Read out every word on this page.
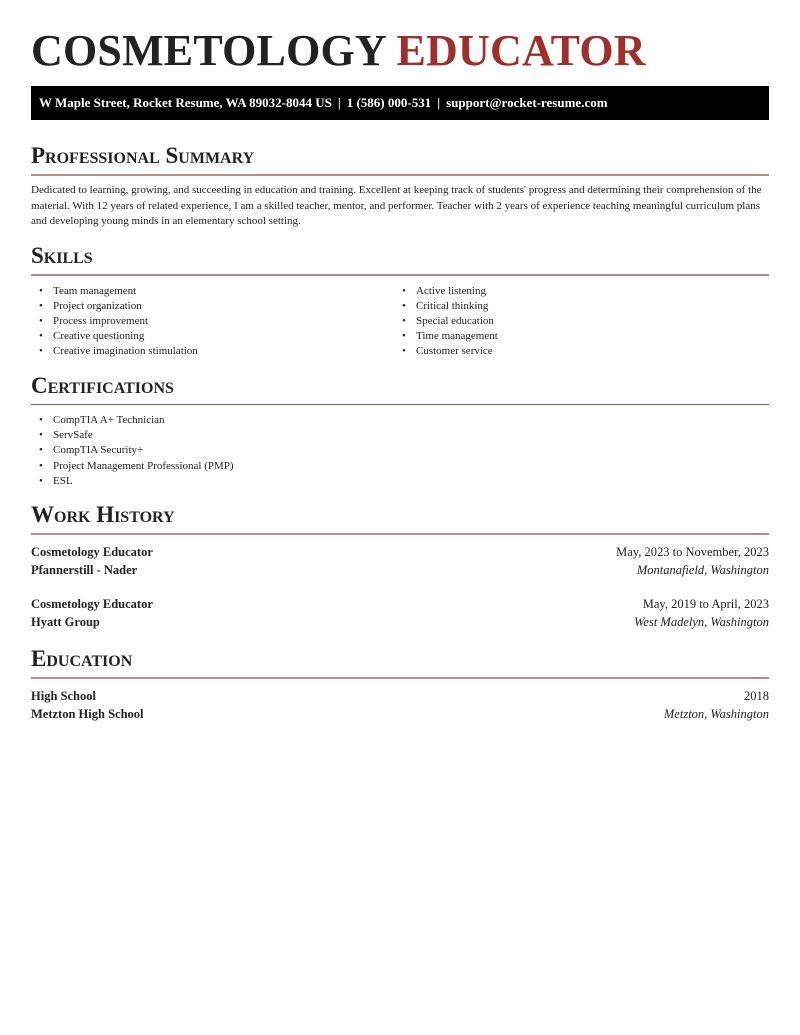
COSMETOLOGY EDUCATOR
W Maple Street, Rocket Resume, WA 89032-8044 US | 1 (586) 000-531 | support@rocket-resume.com
Professional Summary

Dedicated to learning, growing, and succeeding in education and training. Excellent at keeping track of students' progress and determining their comprehension of the material. With 12 years of related experience, I am a skilled teacher, mentor, and performer. Teacher with 2 years of experience teaching meaningful curriculum plans and developing young minds in an elementary school setting.

Skills
• Team management
• Project organization
• Process improvement
• Creative questioning
• Creative imagination stimulation
• Active listening
• Critical thinking
• Special education
• Time management
• Customer service
Certifications
• CompTIA A+ Technician
• ServSafe
• CompTIA Security+
• Project Management Professional (PMP)
• ESL
Work History
Cosmetology Educator	May, 2023 to November, 2023
Pfannerstill - Nader	Montanafield, Washington
Cosmetology Educator	May, 2019 to April, 2023
Hyatt Group	West Madelyn, Washington
Education
High School	2018
Metzton High School	Metzton, Washington
